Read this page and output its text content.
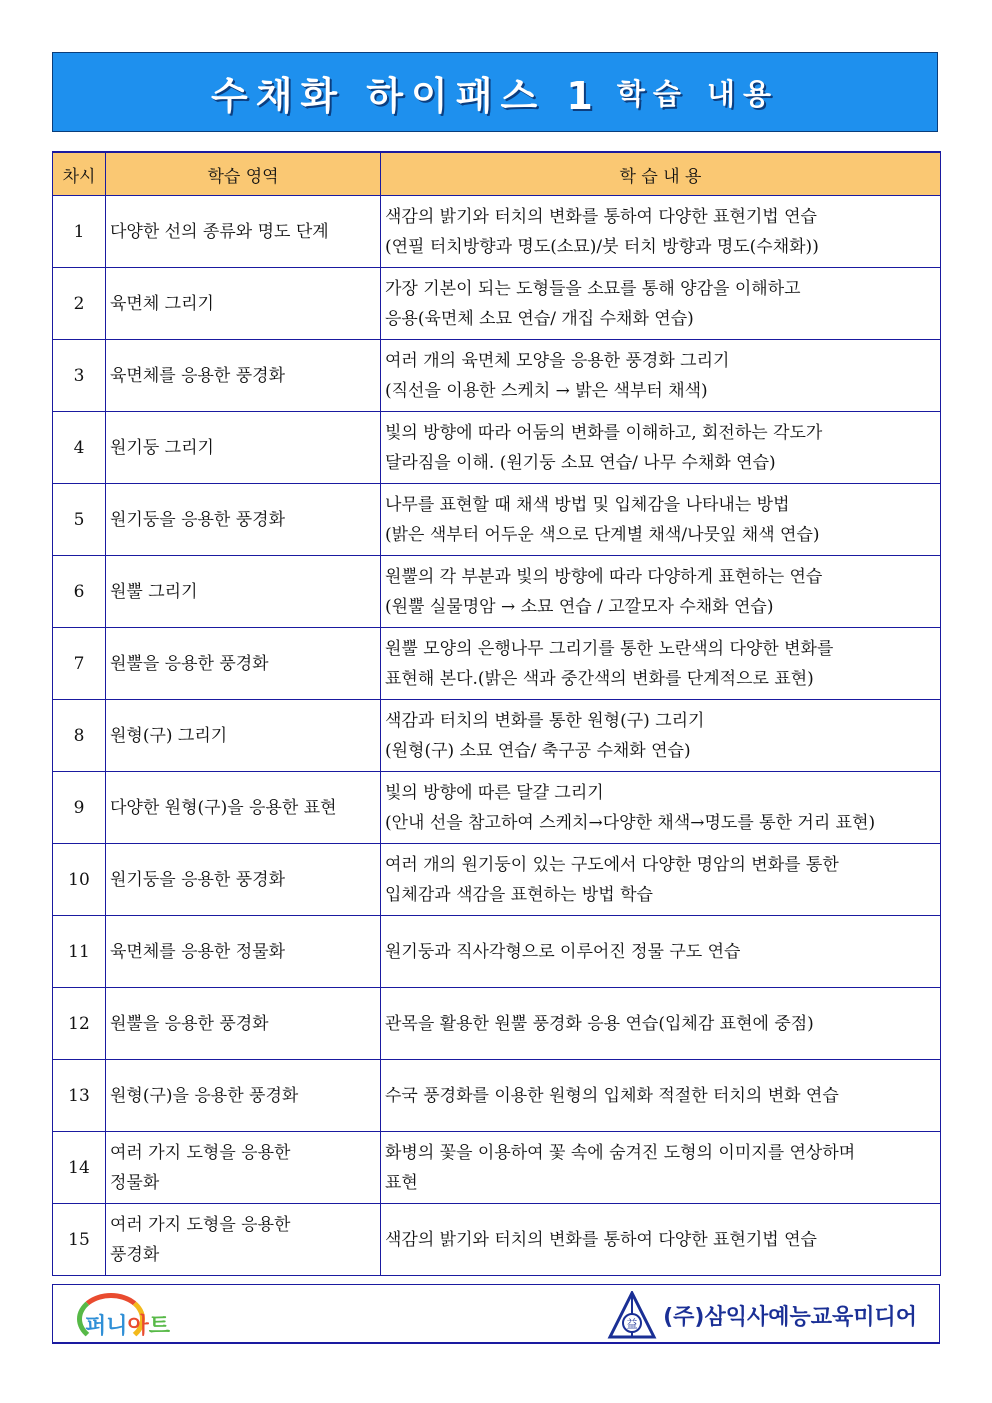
수채화 하이패스 1 학습 내용
차시	학습 영역	학 습 내 용
1	다양한 선의 종류와 명도 단계	색감의 밝기와 터치의 변화를 통하여 다양한 표현기법 연습
(연필 터치방향과 명도(소묘)/붓 터치 방향과 명도(수채화))

2	육면체 그리기	가장 기본이 되는 도형들을 소묘를 통해 양감을 이해하고
응용(육면체 소묘 연습/ 개집 수채화 연습)

3	육면체를 응용한 풍경화	여러 개의 육면체 모양을 응용한 풍경화 그리기
(직선을 이용한 스케치 → 밝은 색부터 채색)

4	원기둥 그리기	빛의 방향에 따라 어둠의 변화를 이해하고, 회전하는 각도가
달라짐을 이해. (원기둥 소묘 연습/ 나무 수채화 연습)

5	원기둥을 응용한 풍경화	나무를 표현할 때 채색 방법 및 입체감을 나타내는 방법
(밝은 색부터 어두운 색으로 단계별 채색/나뭇잎 채색 연습)

6	원뿔 그리기	원뿔의 각 부분과 빛의 방향에 따라 다양하게 표현하는 연습
(원뿔 실물명암 → 소묘 연습 / 고깔모자 수채화 연습)

7	원뿔을 응용한 풍경화	원뿔 모양의 은행나무 그리기를 통한 노란색의 다양한 변화를
표현해 본다.(밝은 색과 중간색의 변화를 단계적으로 표현)

8	원형(구) 그리기	색감과 터치의 변화를 통한 원형(구) 그리기
(원형(구) 소묘 연습/ 축구공 수채화 연습)

9	다양한 원형(구)을 응용한 표현	빛의 방향에 따른 달걀 그리기
(안내 선을 참고하여 스케치→다양한 채색→명도를 통한 거리 표현)

10	원기둥을 응용한 풍경화	여러 개의 원기둥이 있는 구도에서 다양한 명암의 변화를 통한
입체감과 색감을 표현하는 방법 학습

11	육면체를 응용한 정물화	원기둥과 직사각형으로 이루어진 정물 구도 연습

12	원뿔을 응용한 풍경화	관목을 활용한 원뿔 풍경화 응용 연습(입체감 표현에 중점)

13	원형(구)을 응용한 풍경화	수국 풍경화를 이용한 원형의 입체화 적절한 터치의 변화 연습

14	여러 가지 도형을 응용한
정물화	화병의 꽃을 이용하여 꽃 속에 숨겨진 도형의 이미지를 연상하며
표현

15	여러 가지 도형을 응용한
풍경화	색감의 밝기와 터치의 변화를 통하여 다양한 표현기법 연습
퍼니아트	益 (주)삼익사예능교육미디어
